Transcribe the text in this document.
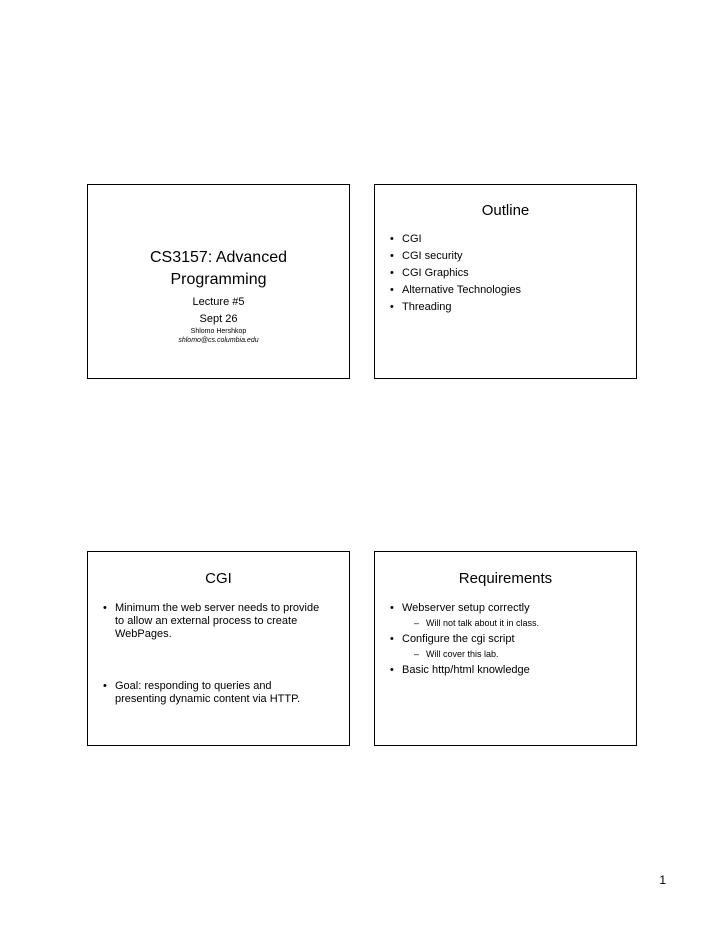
CS3157: Advanced
Programming
Lecture #5
Sept 26
Shlomo Hershkop
shlomo@cs.columbia.edu
Outline
• CGI
• CGI security
• CGI Graphics
• Alternative Technologies
• Threading
CGI
• Minimum the web server needs to provide
to allow an external process to create
WebPages.
• Goal: responding to queries and
presenting dynamic content via HTTP.
Requirements
• Webserver setup correctly
– Will not talk about it in class.
• Configure the cgi script
– Will cover this lab.
• Basic http/html knowledge
1
